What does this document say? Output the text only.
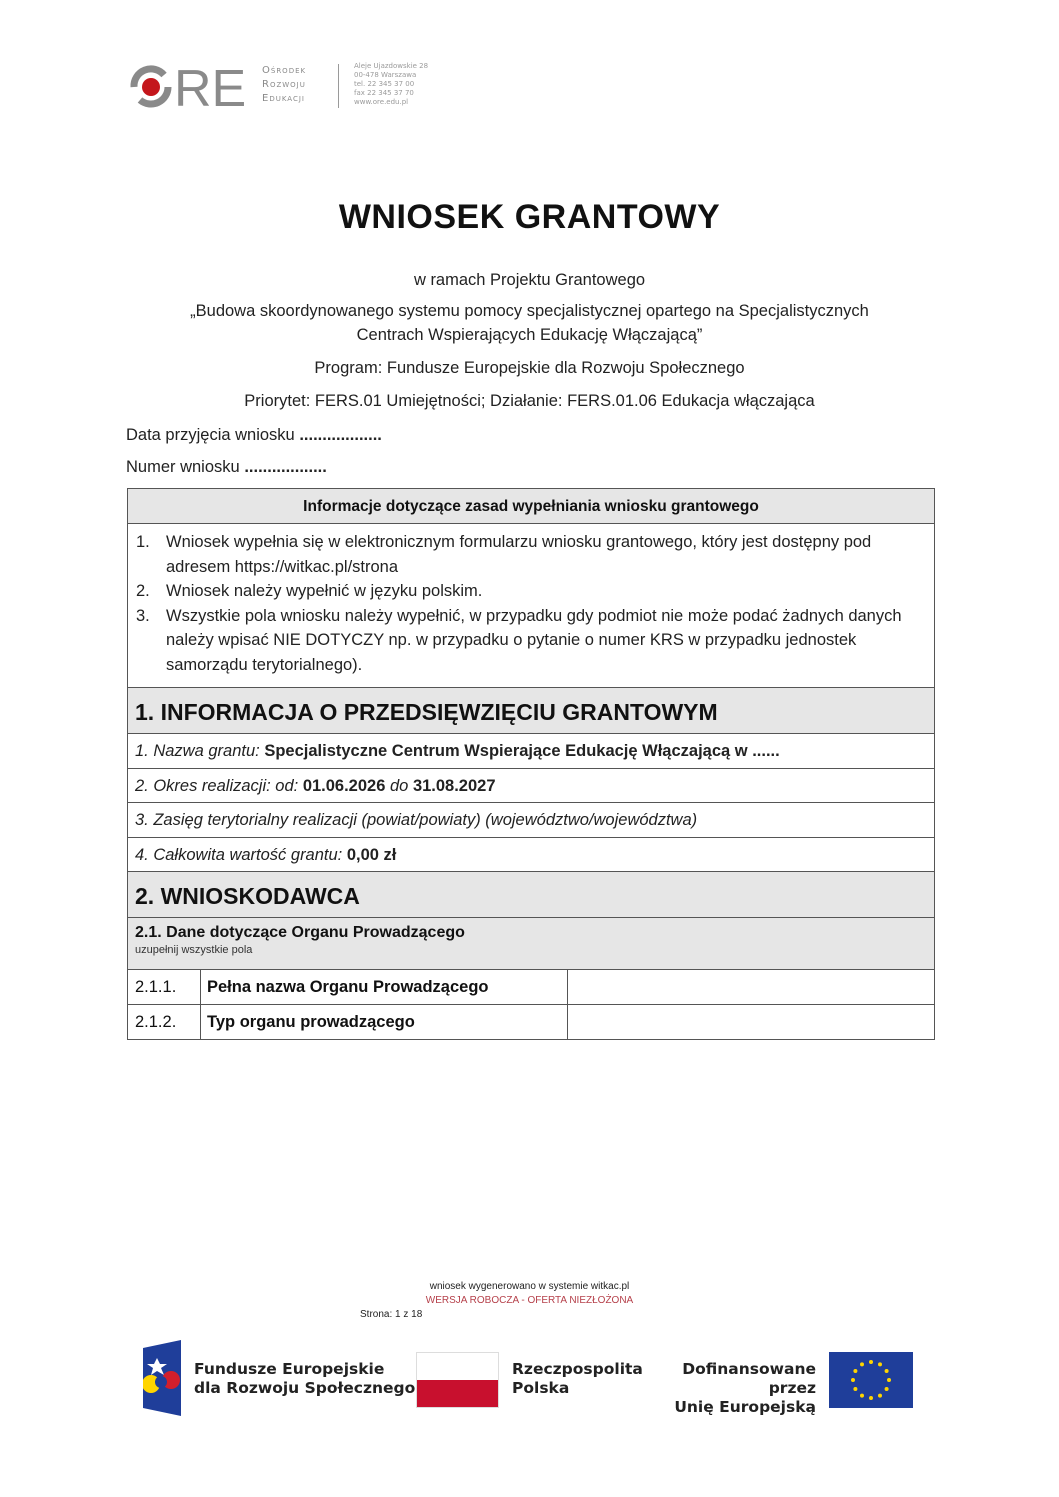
RE Ośrodek
Rozwoju
Edukacji
Aleje Ujazdowskie 28
00-478 Warszawa
tel. 22 345 37 00
fax 22 345 37 70
www.ore.edu.pl
WNIOSEK GRANTOWY
w ramach Projektu Grantowego
„Budowa skoordynowanego systemu pomocy specjalistycznej opartego na Specjalistycznych
Centrach Wspierających Edukację Włączającą”
Program: Fundusze Europejskie dla Rozwoju Społecznego
Priorytet: FERS.01 Umiejętności; Działanie: FERS.01.06 Edukacja włączająca
Data przyjęcia wniosku ..................
Numer wniosku ..................
Informacje dotyczące zasad wypełniania wniosku grantowego
1. Wniosek wypełnia się w elektronicznym formularzu wniosku grantowego, który jest dostępny pod adresem https://witkac.pl/strona
2. Wniosek należy wypełnić w języku polskim.
3. Wszystkie pola wniosku należy wypełnić, w przypadku gdy podmiot nie może podać żadnych danych należy wpisać NIE DOTYCZY np. w przypadku o pytanie o numer KRS w przypadku jednostek samorządu terytorialnego).
1. INFORMACJA O PRZEDSIĘWZIĘCIU GRANTOWYM
1. Nazwa grantu: Specjalistyczne Centrum Wspierające Edukację Włączającą w ......
2. Okres realizacji: od: 01.06.2026 do 31.08.2027
3. Zasięg terytorialny realizacji (powiat/powiaty) (województwo/województwa)
4. Całkowita wartość grantu: 0,00 zł
2. WNIOSKODAWCA
2.1. Dane dotyczące Organu Prowadzącego
uzupełnij wszystkie pola
2.1.1.	Pełna nazwa Organu Prowadzącego
2.1.2.	Typ organu prowadzącego
wniosek wygenerowano w systemie witkac.pl
WERSJA ROBOCZA - OFERTA NIEZŁOŻONA
Strona: 1 z 18
Fundusze Europejskie
dla Rozwoju Społecznego
Rzeczpospolita
Polska
Dofinansowane przez
Unię Europejską
